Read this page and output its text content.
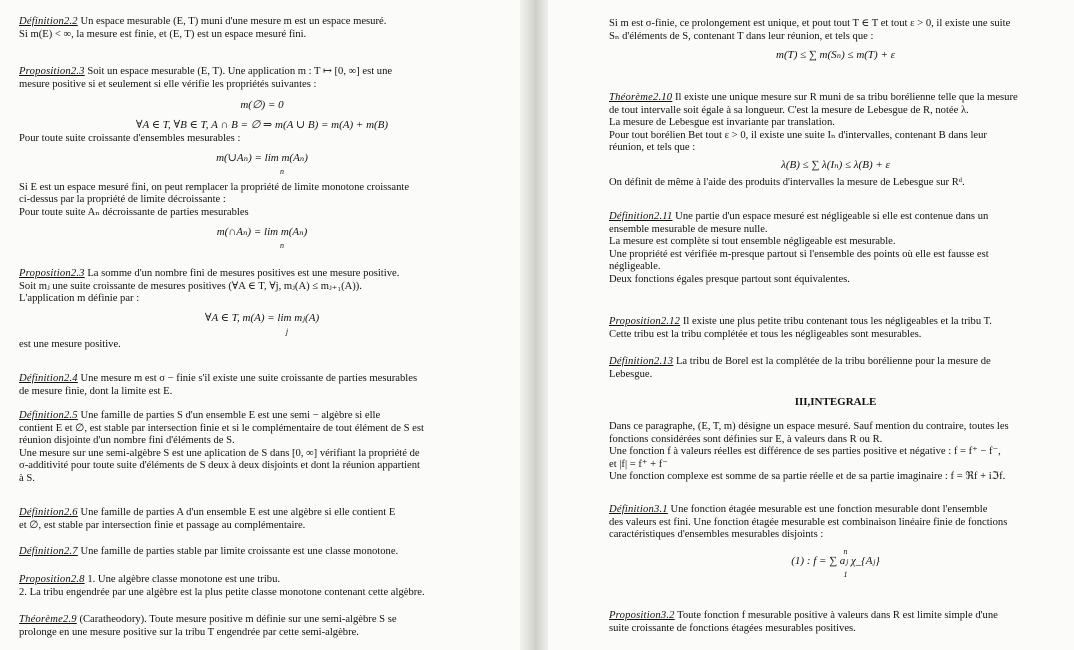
Définition2.2 Un espace mesurable (E, T) muni d'une mesure m est un espace mesuré.
Si m(E) < ∞, la mesure est finie, et (E, T) est un espace mesuré fini.
Proposition2.3 Soit un espace mesurable (E, T). Une application m : T ↦ [0, ∞] est une
mesure positive si et seulement si elle vérifie les propriétés suivantes :
m(∅) = 0
∀A ∈ T, ∀B ∈ T, A ∩ B = ∅ ⇒ m(A ∪ B) = m(A) + m(B)
Pour toute suite croissante d'ensembles mesurables :
m(∪Aₙ) = lim m(Aₙ)
n
Si E est un espace mesuré fini, on peut remplacer la propriété de limite monotone croissante
ci-dessus par la propriété de limite décroissante :
Pour toute suite Aₙ décroissante de parties mesurables
m(∩Aₙ) = lim m(Aₙ)
n
Proposition2.3 La somme d'un nombre fini de mesures positives est une mesure positive.
Soit mⱼ une suite croissante de mesures positives (∀A ∈ T, ∀j, mⱼ(A) ≤ mⱼ₊₁(A)).
L'application m définie par :
∀A ∈ T, m(A) = lim mⱼ(A)
j
est une mesure positive.
Définition2.4 Une mesure m est σ − finie s'il existe une suite croissante de parties mesurables
de mesure finie, dont la limite est E.
Définition2.5 Une famille de parties S d'un ensemble E est une semi − algèbre si elle
contient E et ∅, est stable par intersection finie et si le complémentaire de tout élément de S est
réunion disjointe d'un nombre fini d'éléments de S.
Une mesure sur une semi-algèbre S est une aplication de S dans [0, ∞] vérifiant la propriété de
σ-additivité pour toute suite d'éléments de S deux à deux disjoints et dont la réunion appartient
à S.
Définition2.6 Une famille de parties A d'un ensemble E est une algèbre si elle contient E
et ∅, est stable par intersection finie et passage au complémentaire.
Définition2.7 Une famille de parties stable par limite croissante est une classe monotone.
Proposition2.8 1. Une algèbre classe monotone est une tribu.
2. La tribu engendrée par une algèbre est la plus petite classe monotone contenant cette algèbre.
Théorème2.9 (Caratheodory). Toute mesure positive m définie sur une semi-algèbre S se
prolonge en une mesure positive sur la tribu T engendrée par cette semi-algèbre.
Si m est σ-finie, ce prolongement est unique, et pout tout T ∈ T et tout ε > 0, il existe une suite
Sₙ d'éléments de S, contenant T dans leur réunion, et tels que :
m(T) ≤ ∑ m(Sₙ) ≤ m(T) + ε
Théorème2.10 Il existe une unique mesure sur R muni de sa tribu borélienne telle que la mesure
de tout intervalle soit égale à sa longueur. C'est la mesure de Lebesgue de R, notée λ.
La mesure de Lebesgue est invariante par translation.
Pour tout borélien Bet tout ε > 0, il existe une suite Iₙ d'intervalles, contenant B dans leur
réunion, et tels que :
λ(B) ≤ ∑ λ(Iₙ) ≤ λ(B) + ε
On définit de même à l'aide des produits d'intervalles la mesure de Lebesgue sur Rᵈ.
Définition2.11 Une partie d'un espace mesuré est négligeable si elle est contenue dans un
ensemble mesurable de mesure nulle.
La mesure est complète si tout ensemble négligeable est mesurable.
Une propriété est vérifiée m-presque partout si l'ensemble des points où elle est fausse est
négligeable.
Deux fonctions égales presque partout sont équivalentes.
Proposition2.12 Il existe une plus petite tribu contenant tous les négligeables et la tribu T.
Cette tribu est la tribu complétée et tous les négligeables sont mesurables.
Définition2.13 La tribu de Borel est la complétée de la tribu borélienne pour la mesure de
Lebesgue.
III,INTEGRALE
Dans ce paragraphe, (E, T, m) désigne un espace mesuré. Sauf mention du contraire, toutes les
fonctions considérées sont définies sur E, à valeurs dans R ou R̄.
Une fonction f à valeurs réelles est différence de ses parties positive et négative : f = f⁺ − f⁻,
et |f| = f⁺ + f⁻
Une fonction complexe est somme de sa partie réelle et de sa partie imaginaire : f = ℜf + iℑf.
Définition3.1 Une fonction étagée mesurable est une fonction mesurable dont l'ensemble
des valeurs est fini. Une fonction étagée mesurable est combinaison linéaire finie de fonctions
caractéristiques d'ensembles mesurables disjoints :
n
(1) : f = ∑ aⱼ χ_{Aⱼ}
1
Proposition3.2 Toute fonction f mesurable positive à valeurs dans R̄ est limite simple d'une
suite croissante de fonctions étagées mesurables positives.
